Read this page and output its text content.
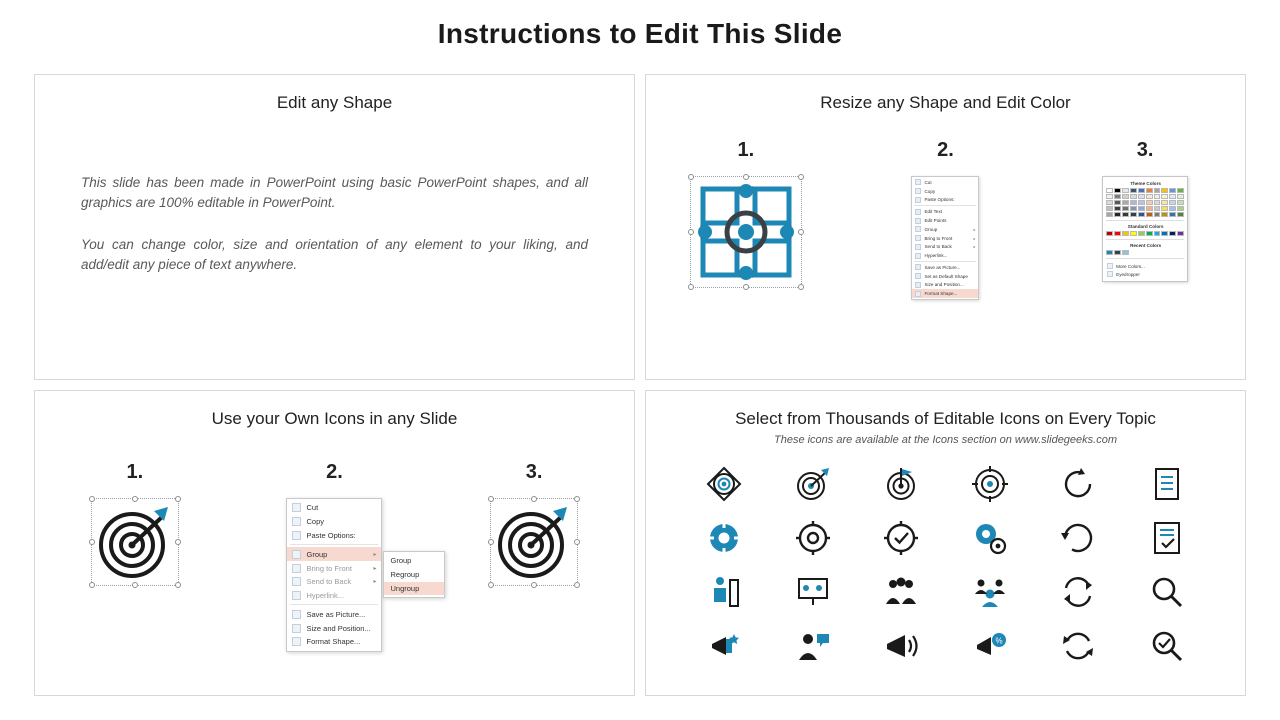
Instructions to Edit This Slide
Edit any Shape

This slide has been made in PowerPoint using basic PowerPoint shapes, and all graphics are 100% editable in PowerPoint.

You can change color, size and orientation of any element to your liking, and add/edit any piece of text anywhere.

Resize any Shape and Edit Color
1.	2.
Cut
Copy
Paste Options:
Edit Text
Edit Points
Group	▸
Bring to Front	▸
Send to Back	▸
Hyperlink...
Save as Picture...
Set as Default Shape
Size and Position...
Format Shape...
3.
Theme Colors
Standard Colors
Recent Colors
More Colors...
Eyedropper
Use your Own Icons in any Slide
1.	2.
Cut
Copy
Paste Options:
Group	▸
Bring to Front	▸
Send to Back	▸
Hyperlink...
Save as Picture...
Size and Position...
Format Shape...
Group
Regroup
Ungroup
3.
Select from Thousands of Editable Icons on Every Topic
These icons are available at the Icons section on www.slidegeeks.com
%
